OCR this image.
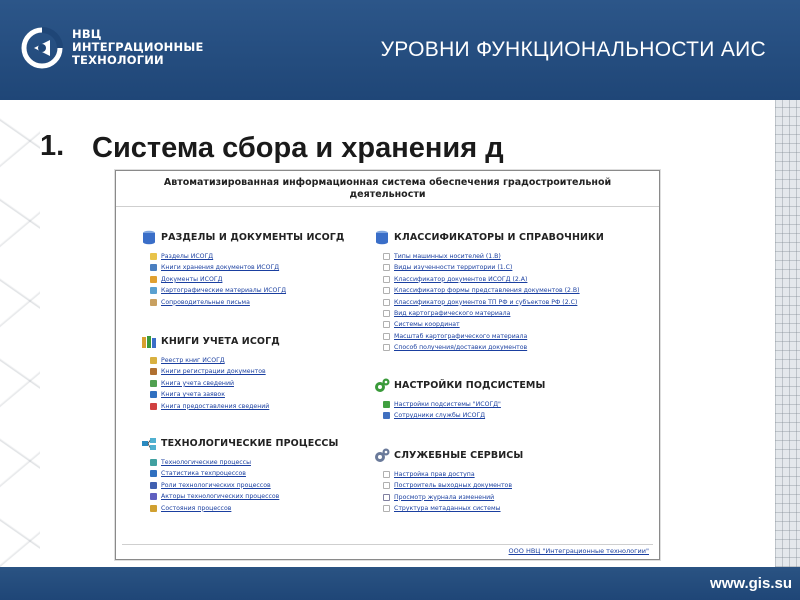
НВЦ
ИНТЕГРАЦИОННЫЕ
ТЕХНОЛОГИИ	УРОВНИ ФУНКЦИОНАЛЬНОСТИ АИС
1. Система сбора и хранения д
Автоматизированная информационная система обеспечения градостроительной деятельности
РАЗДЕЛЫ И ДОКУМЕНТЫ ИСОГД
Разделы ИСОГД
Книги хранения документов ИСОГД
Документы ИСОГД
Картографические материалы ИСОГД
Сопроводительные письма
КНИГИ УЧЕТА ИСОГД
Реестр книг ИСОГД
Книги регистрации документов
Книга учета сведений
Книга учета заявок
Книга предоставления сведений
ТЕХНОЛОГИЧЕСКИЕ ПРОЦЕССЫ
Технологические процессы
Статистика техпроцессов
Роли технологических процессов
Акторы технологических процессов
Состояния процессов
КЛАССИФИКАТОРЫ И СПРАВОЧНИКИ
Типы машинных носителей (1.В)
Виды изученности территории (1.С)
Классификатор документов ИСОГД (2.А)
Классификатор формы представления документов (2.В)
Классификатор документов ТП РФ и субъектов РФ (2.С)
Вид картографического материала
Системы координат
Масштаб картографического материала
Способ получения/доставки документов
НАСТРОЙКИ ПОДСИСТЕМЫ
Настройки подсистемы "ИСОГД"
Сотрудники службы ИСОГД
СЛУЖЕБНЫЕ СЕРВИСЫ
Настройка прав доступа
Построитель выходных документов
Просмотр журнала изменений
Структура метаданных системы
ООО НВЦ "Интеграционные технологии"
www.gis.su
